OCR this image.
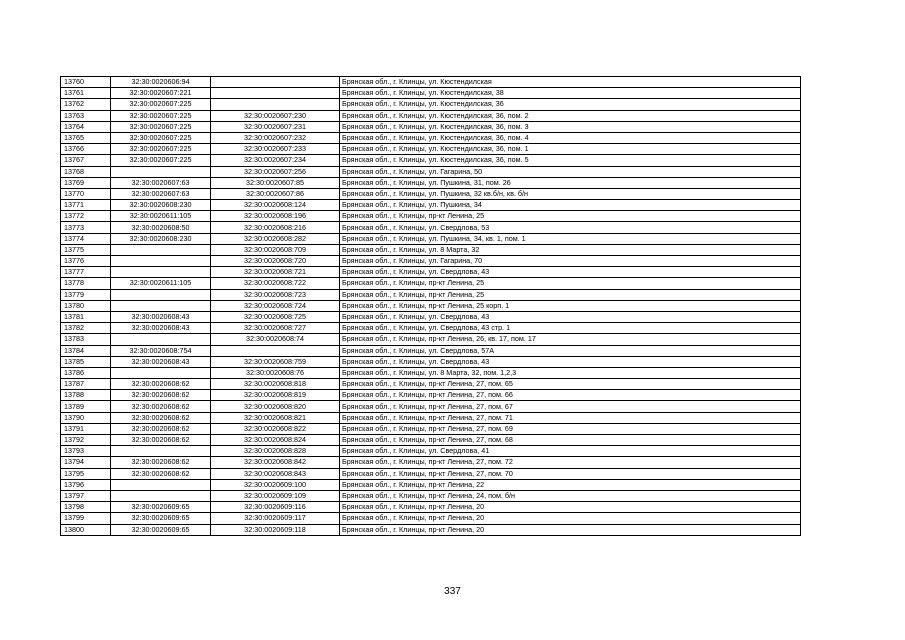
13760	32:30:0020606:94		Брянская обл., г. Клинцы, ул. Кюстендилская
13761	32:30:0020607:221		Брянская обл., г. Клинцы, ул. Кюстендилская, 38
13762	32:30:0020607:225		Брянская обл., г. Клинцы, ул. Кюстендилская, 36
13763	32:30:0020607:225	32:30:0020607:230	Брянская обл., г. Клинцы, ул. Кюстендилская, 36, пом. 2
13764	32:30:0020607:225	32:30:0020607:231	Брянская обл., г. Клинцы, ул. Кюстендилская, 36, пом. 3
13765	32:30:0020607:225	32:30:0020607:232	Брянская обл., г. Клинцы, ул. Кюстендилская, 36, пом. 4
13766	32:30:0020607:225	32:30:0020607:233	Брянская обл., г. Клинцы, ул. Кюстендилская, 36, пом. 1
13767	32:30:0020607:225	32:30:0020607:234	Брянская обл., г. Клинцы, ул. Кюстендилская, 36, пом. 5
13768		32:30:0020607:256	Брянская обл., г. Клинцы, ул. Гагарина, 50
13769	32:30:0020607:63	32:30:0020607:85	Брянская обл., г. Клинцы, ул. Пушкина, 31, пом. 26
13770	32:30:0020607:63	32:30:0020607:86	Брянская обл., г. Клинцы, ул. Пушкина, 32 кв.б/н, кв. б/н
13771	32:30:0020608:230	32:30:0020608:124	Брянская обл., г. Клинцы, ул. Пушкина, 34
13772	32:30:0020611:105	32:30:0020608:196	Брянская обл., г. Клинцы, пр-кт Ленина, 25
13773	32:30:0020608:50	32:30:0020608:216	Брянская обл., г. Клинцы, ул. Свердлова, 53
13774	32:30:0020608:230	32:30:0020608:282	Брянская обл., г. Клинцы, ул. Пушкина, 34, кв. 1, пом. 1
13775		32:30:0020608:709	Брянская обл., г. Клинцы, ул. 8 Марта, 32
13776		32:30:0020608:720	Брянская обл., г. Клинцы, ул. Гагарина, 70
13777		32:30:0020608:721	Брянская обл., г. Клинцы, ул. Свердлова, 43
13778	32:30:0020611:105	32:30:0020608:722	Брянская обл., г. Клинцы, пр-кт Ленина, 25
13779		32:30:0020608:723	Брянская обл., г. Клинцы, пр-кт Ленина, 25
13780		32:30:0020608:724	Брянская обл., г. Клинцы, пр-кт Ленина, 25 корп. 1
13781	32:30:0020608:43	32:30:0020608:725	Брянская обл., г. Клинцы, ул. Свердлова, 43
13782	32:30:0020608:43	32:30:0020608:727	Брянская обл., г. Клинцы, ул. Свердлова, 43 стр. 1
13783		32:30:0020608:74	Брянская обл., г. Клинцы, пр-кт Ленина, 26, кв. 17, пом. 17
13784	32:30:0020608:754		Брянская обл., г. Клинцы, ул. Свердлова, 57А
13785	32:30:0020608:43	32:30:0020608:759	Брянская обл., г. Клинцы, ул. Свердлова, 43
13786		32:30:0020608:76	Брянская обл., г. Клинцы, ул. 8 Марта, 32, пом. 1,2,3
13787	32:30:0020608:62	32:30:0020608:818	Брянская обл., г. Клинцы, пр-кт Ленина, 27, пом. 65
13788	32:30:0020608:62	32:30:0020608:819	Брянская обл., г. Клинцы, пр-кт Ленина, 27, пом. 66
13789	32:30:0020608:62	32:30:0020608:820	Брянская обл., г. Клинцы, пр-кт Ленина, 27, пом. 67
13790	32:30:0020608:62	32:30:0020608:821	Брянская обл., г. Клинцы, пр-кт Ленина, 27, пом. 71
13791	32:30:0020608:62	32:30:0020608:822	Брянская обл., г. Клинцы, пр-кт Ленина, 27, пом. 69
13792	32:30:0020608:62	32:30:0020608:824	Брянская обл., г. Клинцы, пр-кт Ленина, 27, пом. 68
13793		32:30:0020608:828	Брянская обл., г. Клинцы, ул. Свердлова, 41
13794	32:30:0020608:62	32:30:0020608:842	Брянская обл., г. Клинцы, пр-кт Ленина, 27, пом. 72
13795	32:30:0020608:62	32:30:0020608:843	Брянская обл., г. Клинцы, пр-кт Ленина, 27, пом. 70
13796		32:30:0020609:100	Брянская обл., г. Клинцы, пр-кт Ленина, 22
13797		32:30:0020609:109	Брянская обл., г. Клинцы, пр-кт Ленина, 24, пом. б/н
13798	32:30:0020609:65	32:30:0020609:116	Брянская обл., г. Клинцы, пр-кт Ленина, 20
13799	32:30:0020609:65	32:30:0020609:117	Брянская обл., г. Клинцы, пр-кт Ленина, 20
13800	32:30:0020609:65	32:30:0020609:118	Брянская обл., г. Клинцы, пр-кт Ленина, 20
337
